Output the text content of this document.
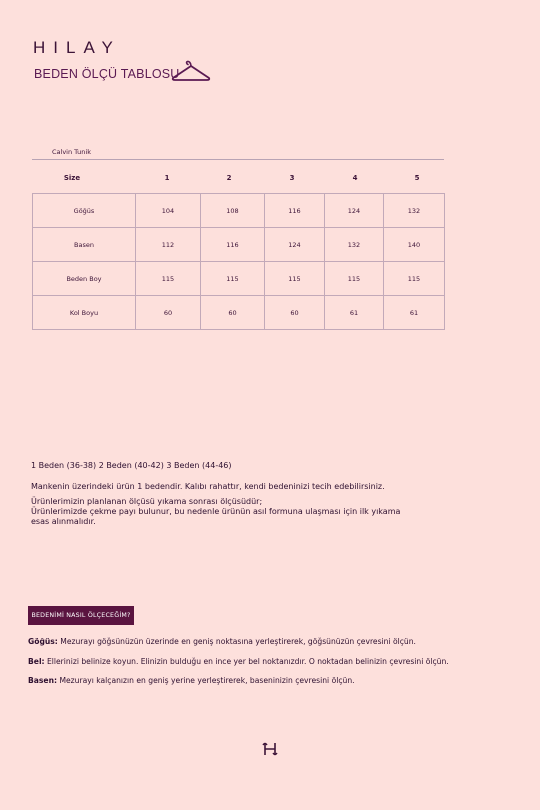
HILAY
BEDEN ÖLÇÜ TABLOSU
Calvin Tunik
Size	1	2	3	4	5
Göğüs	104	108	116	124	132
Basen	112	116	124	132	140
Beden Boy	115	115	115	115	115
Kol Boyu	60	60	60	61	61
1 Beden (36-38) 2 Beden (40-42) 3 Beden (44-46)
Mankenin üzerindeki ürün 1 bedendir. Kalıbı rahattır, kendi bedeninizi tecih edebilirsiniz.
Ürünlerimizin planlanan ölçüsü yıkama sonrası ölçüsüdür;
Ürünlerimizde çekme payı bulunur, bu nedenle ürünün asıl formuna ulaşması için ilk yıkama
esas alınmalıdır.
BEDENİMİ NASIL ÖLÇECEĞİM?
Göğüs: Mezurayı göğsünüzün üzerinde en geniş noktasına yerleştirerek, göğsünüzün çevresini ölçün.
Bel: Ellerinizi belinize koyun. Elinizin bulduğu en ince yer bel noktanızdır. O noktadan belinizin çevresini ölçün.
Basen: Mezurayı kalçanızın en geniş yerine yerleştirerek, baseninizin çevresini ölçün.
